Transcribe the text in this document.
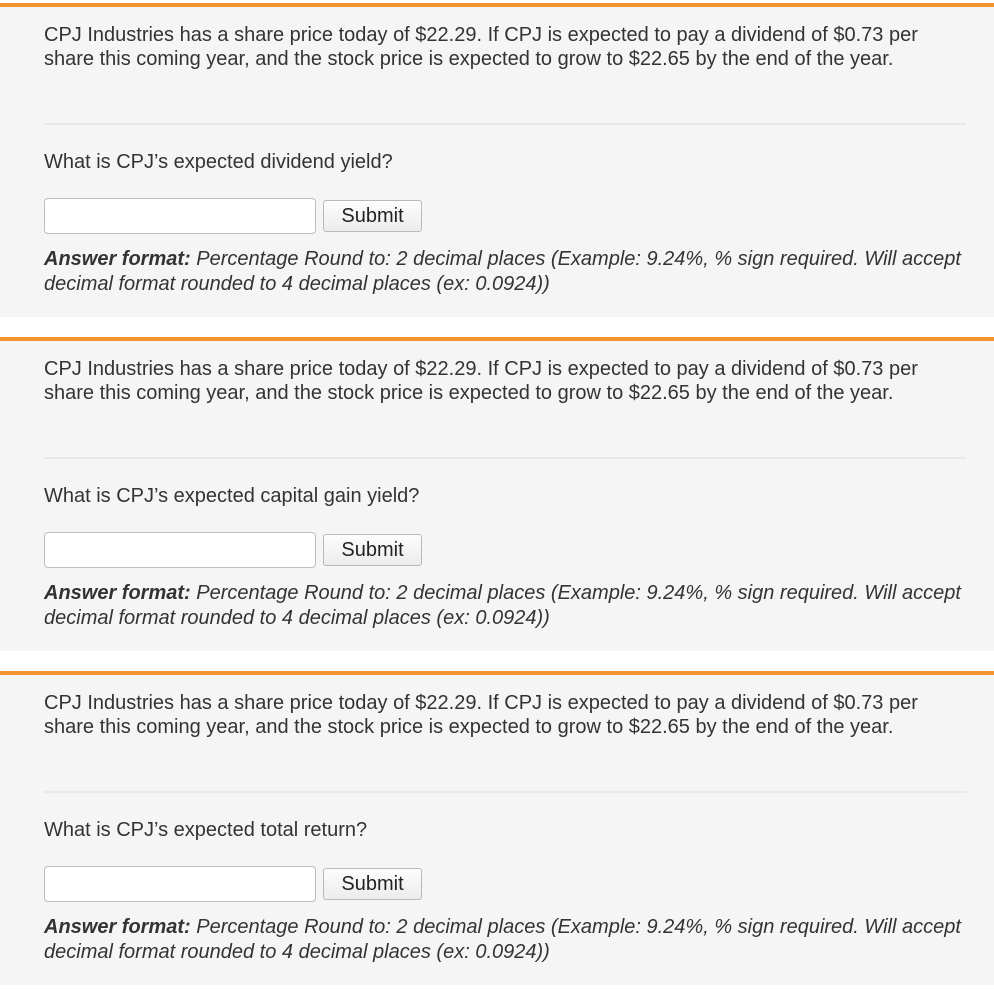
CPJ Industries has a share price today of $22.29. If CPJ is expected to pay a dividend of $0.73 per share this coming year, and the stock price is expected to grow to $22.65 by the end of the year.

What is CPJ’s expected dividend yield?

Submit

Answer format: Percentage Round to: 2 decimal places (Example: 9.24%, % sign required. Will accept decimal format rounded to 4 decimal places (ex: 0.0924))

CPJ Industries has a share price today of $22.29. If CPJ is expected to pay a dividend of $0.73 per share this coming year, and the stock price is expected to grow to $22.65 by the end of the year.

What is CPJ’s expected capital gain yield?

Submit

Answer format: Percentage Round to: 2 decimal places (Example: 9.24%, % sign required. Will accept decimal format rounded to 4 decimal places (ex: 0.0924))

CPJ Industries has a share price today of $22.29. If CPJ is expected to pay a dividend of $0.73 per share this coming year, and the stock price is expected to grow to $22.65 by the end of the year.

What is CPJ’s expected total return?

Submit

Answer format: Percentage Round to: 2 decimal places (Example: 9.24%, % sign required. Will accept decimal format rounded to 4 decimal places (ex: 0.0924))
